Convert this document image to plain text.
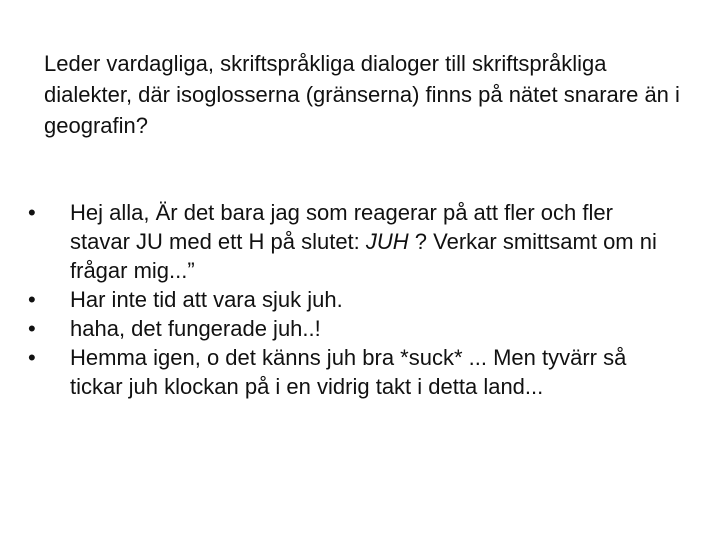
Leder vardagliga, skriftspråkliga dialoger till skriftspråkliga dialekter, där isoglosserna (gränserna) finns på nätet snarare än i geografin?

•	Hej alla, Är det bara jag som reagerar på att fler och fler stavar JU med ett H på slutet: JUH ? Verkar smittsamt om ni frågar mig...”
•	Har inte tid att vara sjuk juh.
•	haha, det fungerade juh..!
•	Hemma igen, o det känns juh bra *suck* ... Men tyvärr så tickar juh klockan på i en vidrig takt i detta land...
